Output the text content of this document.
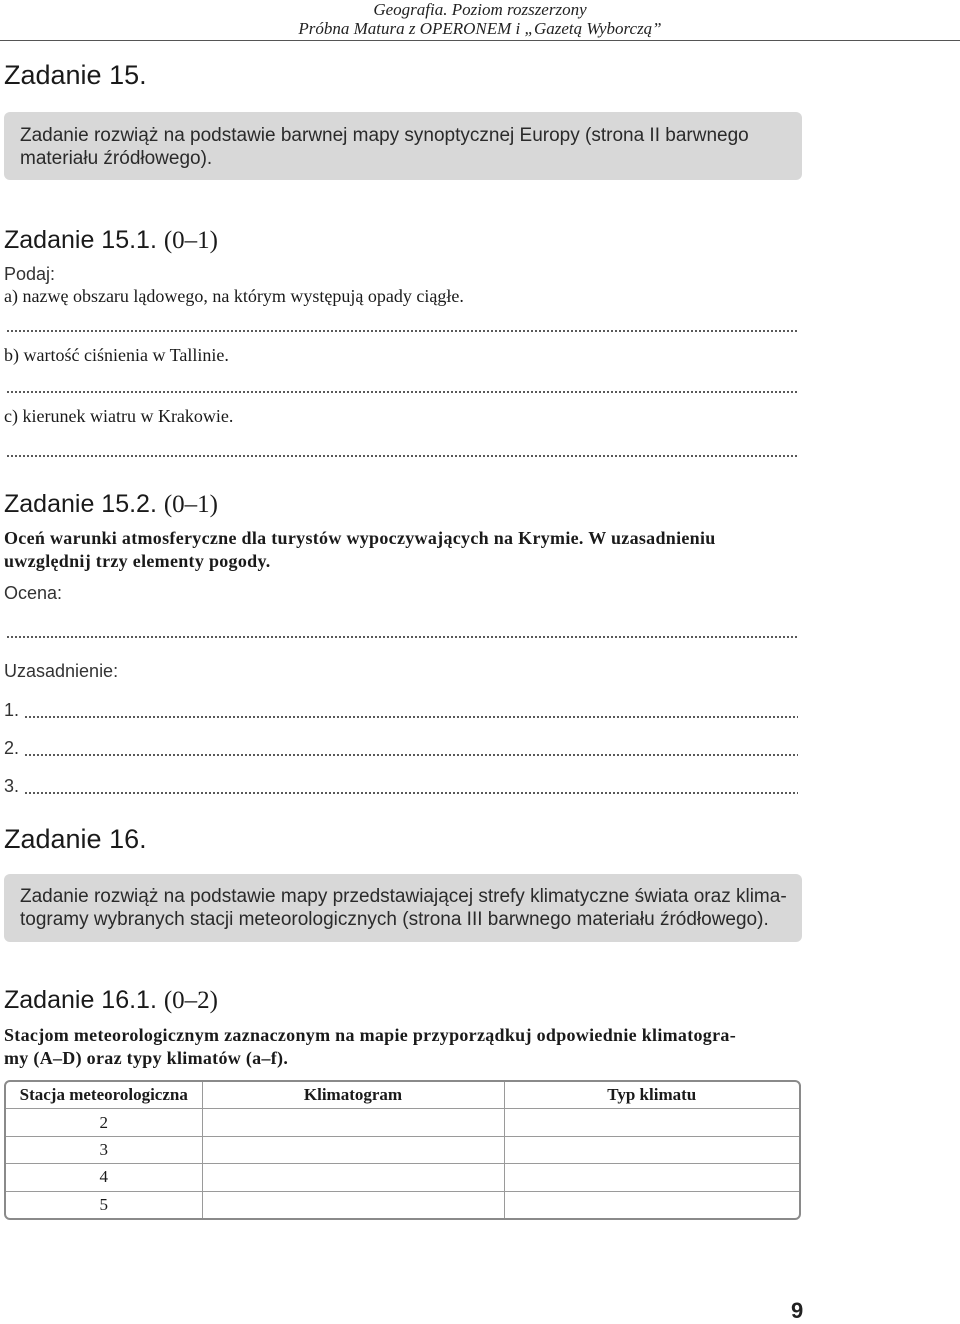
Geografia. Poziom rozszerzony
Próbna Matura z OPERONEM i „Gazetą Wyborczą”
Zadanie 15.
Zadanie rozwiąż na podstawie barwnej mapy synoptycznej Europy (strona II barwnego materiału źródłowego).
Zadanie 15.1. (0–1)
Podaj:
a) nazwę obszaru lądowego, na którym występują opady ciągłe.
b) wartość ciśnienia w Tallinie.
c) kierunek wiatru w Krakowie.
Zadanie 15.2. (0–1)
Oceń warunki atmosferyczne dla turystów wypoczywających na Krymie. W uzasadnieniu
uwzględnij trzy elementy pogody.
Ocena:
Uzasadnienie:
1.
2.
3.
Zadanie 16.
Zadanie rozwiąż na podstawie mapy przedstawiającej strefy klimatyczne świata oraz klima-
togramy wybranych stacji meteorologicznych (strona III barwnego materiału źródłowego).
Zadanie 16.1. (0–2)
Stacjom meteorologicznym zaznaczonym na mapie przyporządkuj odpowiednie klimatogra-
my (A–D) oraz typy klimatów (a–f).
Stacja meteorologiczna	Klimatogram	Typ klimatu
2		
3		
4		
5		
9
